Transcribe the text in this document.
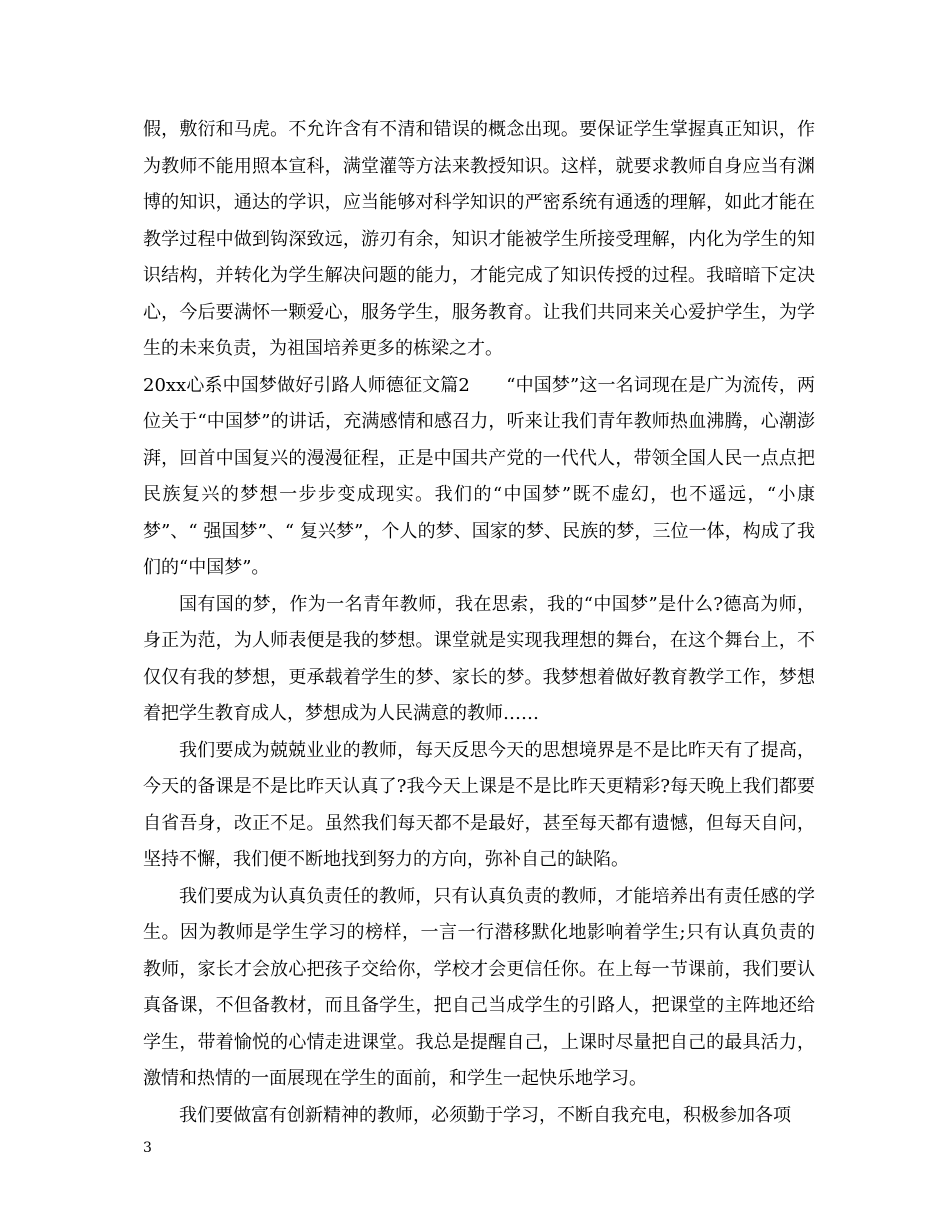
假，敷衍和马虎。不允许含有不清和错误的概念出现。要保证学生掌握真正知识，作为教师不能用照本宣科，满堂灌等方法来教授知识。这样，就要求教师自身应当有渊博的知识，通达的学识，应当能够对科学知识的严密系统有通透的理解，如此才能在教学过程中做到钩深致远，游刃有余，知识才能被学生所接受理解，内化为学生的知识结构，并转化为学生解决问题的能力，才能完成了知识传授的过程。我暗暗下定决心，今后要满怀一颗爱心，服务学生，服务教育。让我们共同来关心爱护学生，为学生的未来负责，为祖国培养更多的栋梁之才。

20xx心系中国梦做好引路人师德征文篇2　　“中国梦”这一名词现在是广为流传，两位关于“中国梦”的讲话，充满感情和感召力，听来让我们青年教师热血沸腾，心潮澎湃，回首中国复兴的漫漫征程，正是中国共产党的一代代人，带领全国人民一点点把民族复兴的梦想一步步变成现实。我们的“中国梦”既不虚幻，也不遥远，“小康梦”、“ 强国梦”、“ 复兴梦”，个人的梦、国家的梦、民族的梦，三位一体，构成了我们的“中国梦”。

国有国的梦，作为一名青年教师，我在思索，我的“中国梦”是什么?德高为师，身正为范，为人师表便是我的梦想。课堂就是实现我理想的舞台，在这个舞台上，不仅仅有我的梦想，更承载着学生的梦、家长的梦。我梦想着做好教育教学工作，梦想着把学生教育成人，梦想成为人民满意的教师……

我们要成为兢兢业业的教师，每天反思今天的思想境界是不是比昨天有了提高，今天的备课是不是比昨天认真了?我今天上课是不是比昨天更精彩?每天晚上我们都要自省吾身，改正不足。虽然我们每天都不是最好，甚至每天都有遗憾，但每天自问，坚持不懈，我们便不断地找到努力的方向，弥补自己的缺陷。

我们要成为认真负责任的教师，只有认真负责的教师，才能培养出有责任感的学生。因为教师是学生学习的榜样，一言一行潜移默化地影响着学生;只有认真负责的教师，家长才会放心把孩子交给你，学校才会更信任你。在上每一节课前，我们要认真备课，不但备教材，而且备学生，把自己当成学生的引路人，把课堂的主阵地还给学生，带着愉悦的心情走进课堂。我总是提醒自己，上课时尽量把自己的最具活力，激情和热情的一面展现在学生的面前，和学生一起快乐地学习。

我们要做富有创新精神的教师，必须勤于学习，不断自我充电，积极参加各项

3
